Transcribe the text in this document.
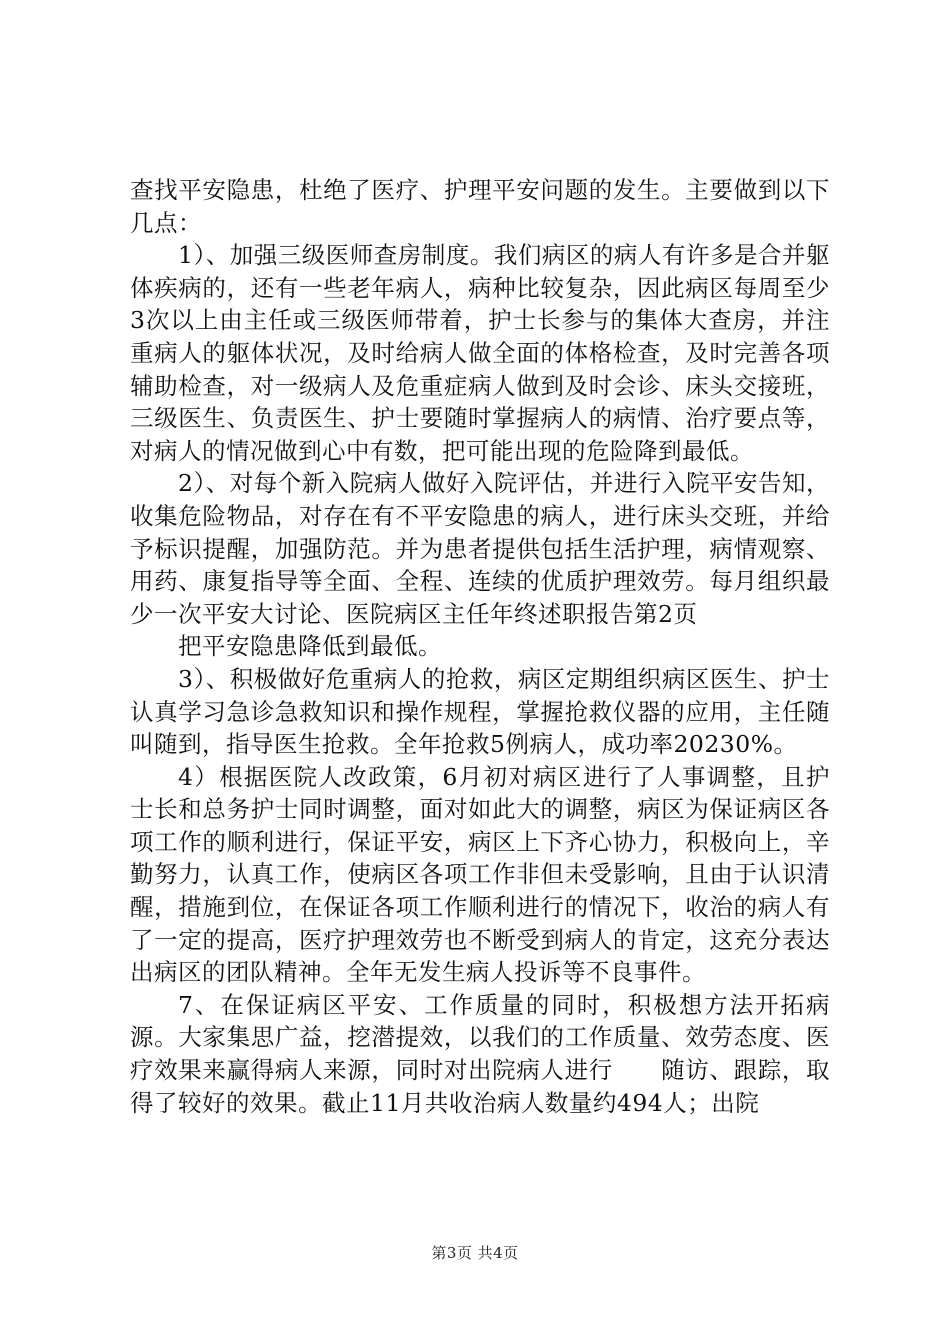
查找平安隐患，杜绝了医疗、护理平安问题的发生。主要做到以下几点：

1）、加强三级医师查房制度。我们病区的病人有许多是合并躯体疾病的，还有一些老年病人，病种比较复杂，因此病区每周至少3次以上由主任或三级医师带着，护士长参与的集体大查房，并注重病人的躯体状况，及时给病人做全面的体格检查，及时完善各项辅助检查，对一级病人及危重症病人做到及时会诊、床头交接班，三级医生、负责医生、护士要随时掌握病人的病情、治疗要点等，对病人的情况做到心中有数，把可能出现的危险降到最低。

2）、对每个新入院病人做好入院评估，并进行入院平安告知，收集危险物品，对存在有不平安隐患的病人，进行床头交班，并给予标识提醒，加强防范。并为患者提供包括生活护理，病情观察、用药、康复指导等全面、全程、连续的优质护理效劳。每月组织最少一次平安大讨论、医院病区主任年终述职报告第2页

把平安隐患降低到最低。

3）、积极做好危重病人的抢救，病区定期组织病区医生、护士认真学习急诊急救知识和操作规程，掌握抢救仪器的应用，主任随叫随到，指导医生抢救。全年抢救5例病人，成功率20230%。

4）根据医院人改政策，6月初对病区进行了人事调整，且护士长和总务护士同时调整，面对如此大的调整，病区为保证病区各项工作的顺利进行，保证平安，病区上下齐心协力，积极向上，辛勤努力，认真工作，使病区各项工作非但未受影响，且由于认识清醒，措施到位，在保证各项工作顺利进行的情况下，收治的病人有了一定的提高，医疗护理效劳也不断受到病人的肯定，这充分表达出病区的团队精神。全年无发生病人投诉等不良事件。

7、在保证病区平安、工作质量的同时，积极想方法开拓病源。大家集思广益，挖潜提效，以我们的工作质量、效劳态度、医疗效果来赢得病人来源，同时对出院病人进行　　随访、跟踪，取得了较好的效果。截止11月共收治病人数量约494人；出院

第3页 共4页
